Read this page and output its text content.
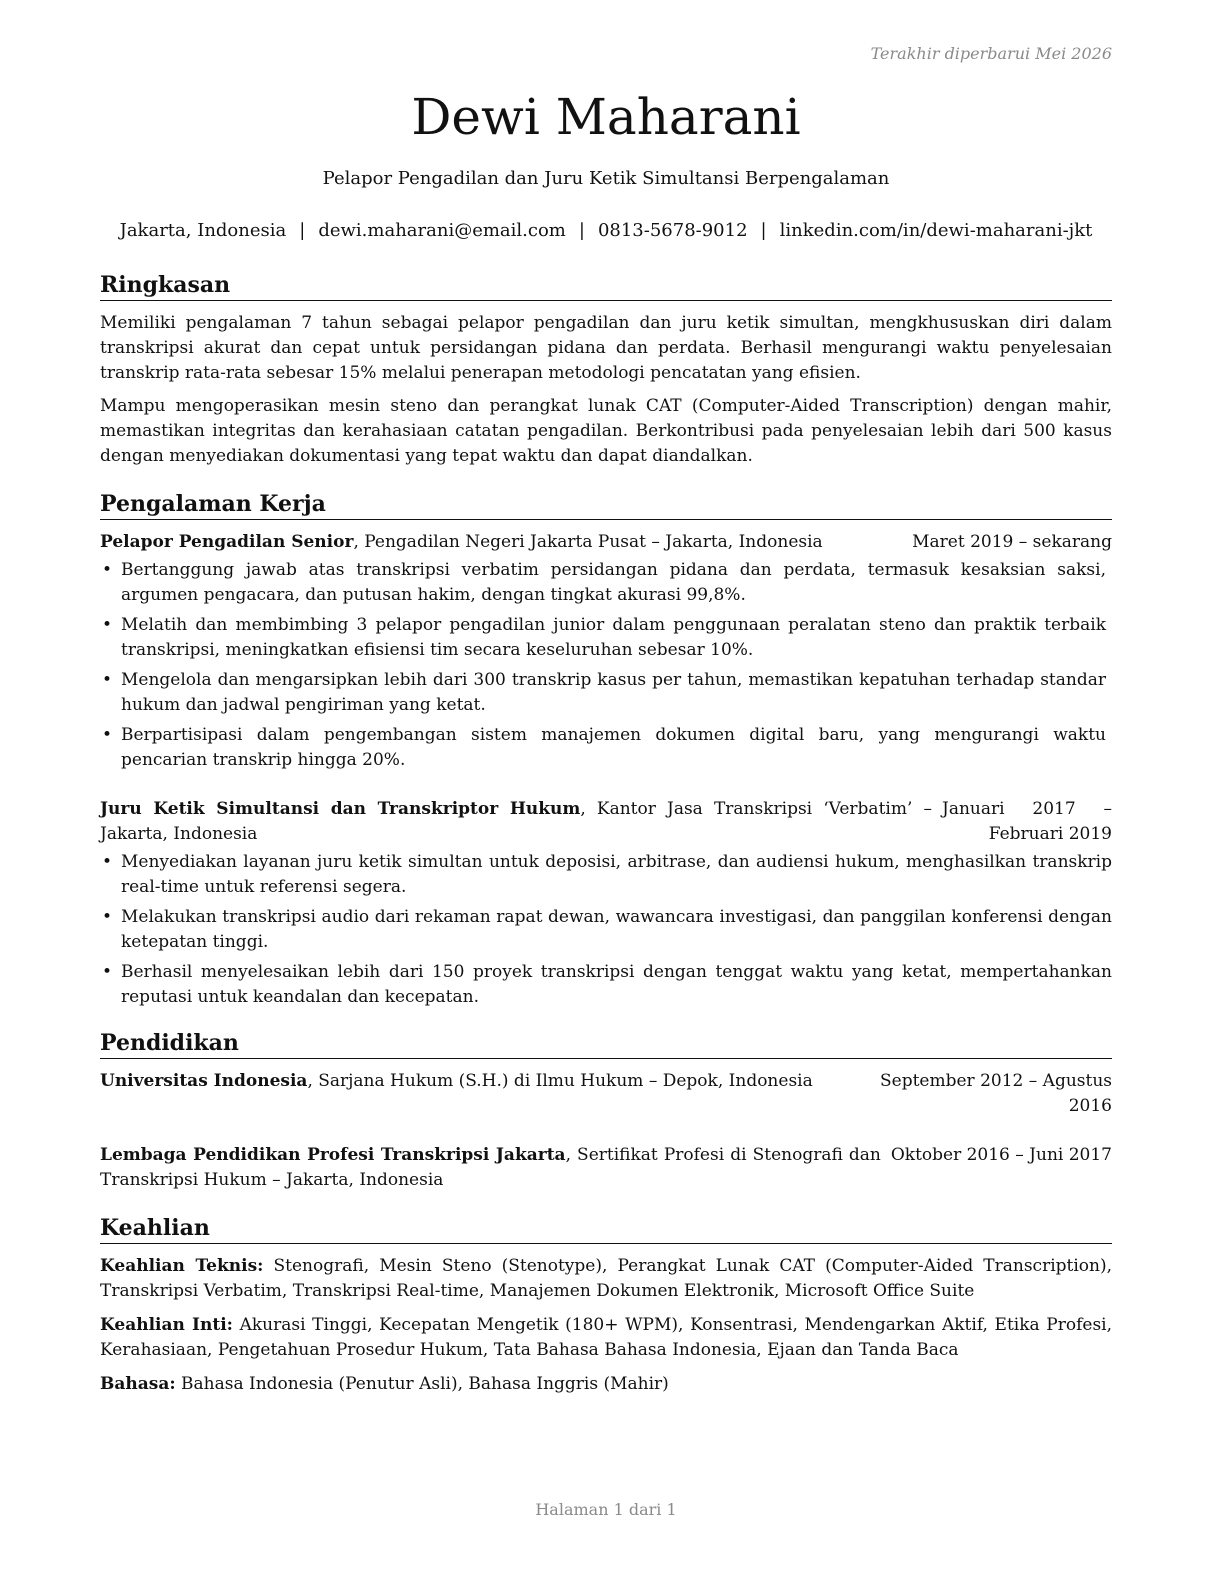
Terakhir diperbarui Mei 2026
Dewi Maharani
Pelapor Pengadilan dan Juru Ketik Simultansi Berpengalaman
Jakarta, Indonesia | dewi.maharani@email.com | 0813-5678-9012 | linkedin.com/in/dewi-maharani-jkt
Ringkasan

Memiliki pengalaman 7 tahun sebagai pelapor pengadilan dan juru ketik simultan, mengkhususkan diri dalam transkripsi akurat dan cepat untuk persidangan pidana dan perdata. Berhasil mengurangi waktu penyelesaian transkrip rata-rata sebesar 15% melalui penerapan metodologi pencatatan yang efisien.

Mampu mengoperasikan mesin steno dan perangkat lunak CAT (Computer-Aided Transcription) dengan mahir, memastikan integritas dan kerahasiaan catatan pengadilan. Berkontribusi pada penyelesaian lebih dari 500 kasus dengan menyediakan dokumentasi yang tepat waktu dan dapat diandalkan.

Pengalaman Kerja
Pelapor Pengadilan Senior, Pengadilan Negeri Jakarta Pusat – Jakarta, Indonesia	Maret 2019 – sekarang
• Bertanggung jawab atas transkripsi verbatim persidangan pidana dan perdata, termasuk kesaksian saksi, argumen pengacara, dan putusan hakim, dengan tingkat akurasi 99,8%.
• Melatih dan membimbing 3 pelapor pengadilan junior dalam penggunaan peralatan steno dan praktik terbaik transkripsi, meningkatkan efisiensi tim secara keseluruhan sebesar 10%.
• Mengelola dan mengarsipkan lebih dari 300 transkrip kasus per tahun, memastikan kepatuhan terhadap standar hukum dan jadwal pengiriman yang ketat.
• Berpartisipasi dalam pengembangan sistem manajemen dokumen digital baru, yang mengurangi waktu pencarian transkrip hingga 20%.
Juru Ketik Simultansi dan Transkriptor Hukum, Kantor Jasa Transkripsi ‘Verbatim’ – Jakarta, Indonesia
Januari 2017 – Februari 2019
• Menyediakan layanan juru ketik simultan untuk deposisi, arbitrase, dan audiensi hukum, menghasilkan transkrip real-time untuk referensi segera.
• Melakukan transkripsi audio dari rekaman rapat dewan, wawancara investigasi, dan panggilan konferensi dengan ketepatan tinggi.
• Berhasil menyelesaikan lebih dari 150 proyek transkripsi dengan tenggat waktu yang ketat, mempertahankan reputasi untuk keandalan dan kecepatan.
Pendidikan
Universitas Indonesia, Sarjana Hukum (S.H.) di Ilmu Hukum – Depok, Indonesia	September 2012 – Agustus 2016
Lembaga Pendidikan Profesi Transkripsi Jakarta, Sertifikat Profesi di Stenografi dan Transkripsi Hukum – Jakarta, Indonesia
Oktober 2016 – Juni 2017
Keahlian

Keahlian Teknis: Stenografi, Mesin Steno (Stenotype), Perangkat Lunak CAT (Computer-Aided Transcription), Transkripsi Verbatim, Transkripsi Real-time, Manajemen Dokumen Elektronik, Microsoft Office Suite

Keahlian Inti: Akurasi Tinggi, Kecepatan Mengetik (180+ WPM), Konsentrasi, Mendengarkan Aktif, Etika Profesi, Kerahasiaan, Pengetahuan Prosedur Hukum, Tata Bahasa Bahasa Indonesia, Ejaan dan Tanda Baca

Bahasa: Bahasa Indonesia (Penutur Asli), Bahasa Inggris (Mahir)

Halaman 1 dari 1
